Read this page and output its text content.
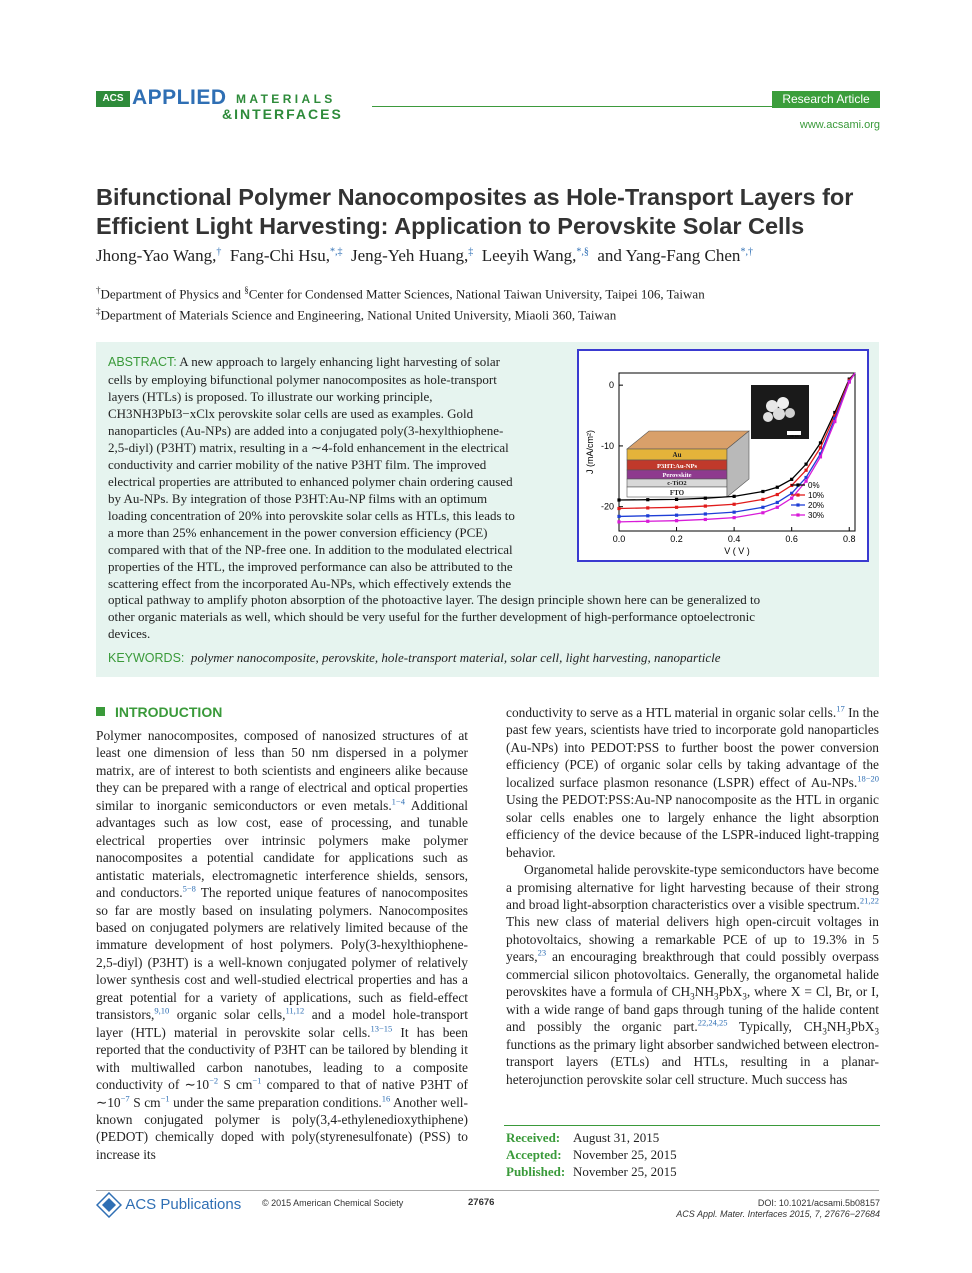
ACS APPLIED MATERIALS
&INTERFACES
Research Article
www.acsami.org
Bifunctional Polymer Nanocomposites as Hole-Transport Layers for
Efficient Light Harvesting: Application to Perovskite Solar Cells
Jhong-Yao Wang,† Fang-Chi Hsu,*,‡ Jeng-Yeh Huang,‡ Leeyih Wang,*,§ and Yang-Fang Chen*,†
†Department of Physics and §Center for Condensed Matter Sciences, National Taiwan University, Taipei 106, Taiwan
‡Department of Materials Science and Engineering, National United University, Miaoli 360, Taiwan
ABSTRACT: A new approach to largely enhancing light harvesting of solar
cells by employing bifunctional polymer nanocomposites as hole-transport
layers (HTLs) is proposed. To illustrate our working principle,
CH3NH3PbI3−xClx perovskite solar cells are used as examples. Gold
nanoparticles (Au-NPs) are added into a conjugated poly(3-hexylthiophene-
2,5-diyl) (P3HT) matrix, resulting in a ∼4-fold enhancement in the electrical
conductivity and carrier mobility of the native P3HT film. The improved
electrical properties are attributed to enhanced polymer chain ordering caused
by Au-NPs. By integration of those P3HT:Au-NP films with an optimum
loading concentration of 20% into perovskite solar cells as HTLs, this leads to
a more than 25% enhancement in the power conversion efficiency (PCE)
compared with that of the NP-free one. In addition to the modulated electrical
properties of the HTL, the improved performance can also be attributed to the
scattering effect from the incorporated Au-NPs, which effectively extends the
optical pathway to amplify photon absorption of the photoactive layer. The design principle shown here can be generalized to
other organic materials as well, which should be very useful for the further development of high-performance optoelectronic
devices.
KEYWORDS: polymer nanocomposite, perovskite, hole-transport material, solar cell, light harvesting, nanoparticle
0.0	0.2	0.4	0.6	0.8
0
-10
-20
V ( V )
J (mA/cm²)	Au
P3HT:Au-NPs
Perovskite
c-TiO2
FTO
100 nm
0%
10%
20%
30%
INTRODUCTION

Polymer nanocomposites, composed of nanosized structures of at least one dimension of less than 50 nm dispersed in a polymer matrix, are of interest to both scientists and engineers alike because they can be prepared with a range of electrical and optical properties similar to inorganic semiconductors or even metals.$^{1-4}$ Additional advantages such as low cost, ease of processing, and tunable electrical properties over intrinsic polymers make polymer nanocomposites a potential candidate for applications such as antistatic materials, electromagnetic interference shields, sensors, and conductors.$^{5-8}$ The reported unique features of nanocomposites so far are mostly based on insulating polymers. Nanocomposites based on conjugated polymers are relatively limited because of the immature development of host polymers. Poly(3-hexylthiophene-2,5-diyl) (P3HT) is a well-known conjugated polymer of relatively lower synthesis cost and well-studied electrical properties and has a great potential for a variety of applications, such as field-effect transistors,$^{9,10}$ organic solar cells,$^{11,12}$ and a model hole-transport layer (HTL) material in perovskite solar cells.$^{13-15}$ It has been reported that the conductivity of P3HT can be tailored by blending it with multiwalled carbon nanotubes, leading to a composite conductivity of $\sim 10^{-2}$ S $cm^{-1}$ compared to that of native P3HT of $\sim 10^{-7}$ S $cm^{-1}$ under the same preparation conditions.$^{16}$ Another well-known conjugated polymer is poly(3,4-ethylenedioxythiphene) (PEDOT) chemically doped with poly(styrenesulfonate) (PSS) to increase its

conductivity to serve as a HTL material in organic solar cells.$^{17}$ In the past few years, scientists have tried to incorporate gold nanoparticles (Au-NPs) into PEDOT:PSS to further boost the power conversion efficiency (PCE) of organic solar cells by taking advantage of the localized surface plasmon resonance (LSPR) effect of Au-NPs.$^{18-20}$ Using the PEDOT:PSS:Au-NP nanocomposite as the HTL in organic solar cells enables one to largely enhance the light absorption efficiency of the device because of the LSPR-induced light-trapping behavior.

Organometal halide perovskite-type semiconductors have become a promising alternative for light harvesting because of their strong and broad light-absorption characteristics over a visible spectrum.$^{21,22}$ This new class of material delivers high open-circuit voltages in photovoltaics, showing a remarkable PCE of up to 19.3% in 5 years,$^{23}$ an encouraging breakthrough that could possibly overpass commercial silicon photovoltaics. Generally, the organometal halide perovskites have a formula of $CH_3NH_3PbX_3$, where X = Cl, Br, or I, with a wide range of band gaps through tuning of the halide content and possibly the organic part.$^{22,24,25}$ Typically, $CH_3NH_3PbX_3$ functions as the primary light absorber sandwiched between electron-transport layers (ETLs) and HTLs, resulting in a planar-heterojunction perovskite solar cell structure. Much success has

Received: August 31, 2015
Accepted: November 25, 2015
Published: November 25, 2015
ACS Publications © 2015 American Chemical Society	27676	DOI: 10.1021/acsami.5b08157
ACS Appl. Mater. Interfaces 2015, 7, 27676−27684
